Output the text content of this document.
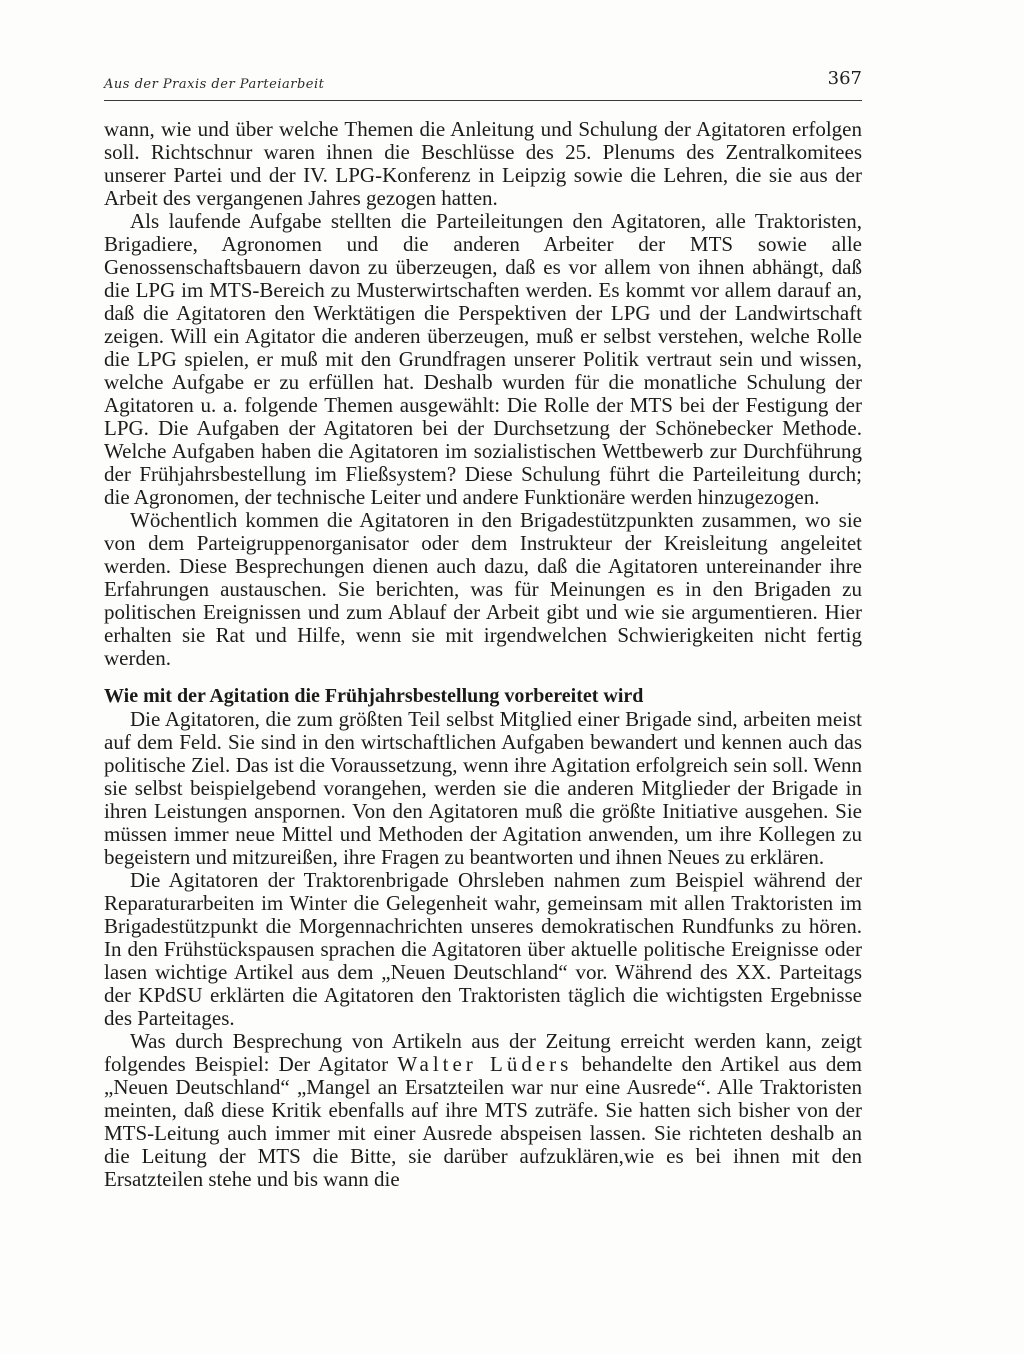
Aus der Praxis der Parteiarbeit	367

wann, wie und über welche Themen die Anleitung und Schulung der Agitatoren erfolgen soll. Richtschnur waren ihnen die Beschlüsse des 25. Plenums des Zentralkomitees unserer Partei und der IV. LPG-Konferenz in Leipzig sowie die Lehren, die sie aus der Arbeit des vergangenen Jahres gezogen hatten.

Als laufende Aufgabe stellten die Parteileitungen den Agitatoren, alle Traktoristen, Brigadiere, Agronomen und die anderen Arbeiter der MTS sowie alle Genossenschaftsbauern davon zu überzeugen, daß es vor allem von ihnen abhängt, daß die LPG im MTS-Bereich zu Musterwirtschaften werden. Es kommt vor allem darauf an, daß die Agitatoren den Werktätigen die Perspektiven der LPG und der Landwirtschaft zeigen. Will ein Agitator die anderen überzeugen, muß er selbst verstehen, welche Rolle die LPG spielen, er muß mit den Grundfragen unserer Politik vertraut sein und wissen, welche Aufgabe er zu erfüllen hat. Deshalb wurden für die monatliche Schulung der Agitatoren u. a. folgende Themen ausgewählt: Die Rolle der MTS bei der Festigung der LPG. Die Aufgaben der Agitatoren bei der Durchsetzung der Schönebecker Methode. Welche Aufgaben haben die Agitatoren im sozialistischen Wettbewerb zur Durchführung der Frühjahrsbestellung im Fließsystem? Diese Schulung führt die Parteileitung durch; die Agronomen, der technische Leiter und andere Funktionäre werden hinzugezogen.

Wöchentlich kommen die Agitatoren in den Brigadestützpunkten zusammen, wo sie von dem Parteigruppenorganisator oder dem Instrukteur der Kreisleitung angeleitet werden. Diese Besprechungen dienen auch dazu, daß die Agitatoren untereinander ihre Erfahrungen austauschen. Sie berichten, was für Meinungen es in den Brigaden zu politischen Ereignissen und zum Ablauf der Arbeit gibt und wie sie argumentieren. Hier erhalten sie Rat und Hilfe, wenn sie mit irgendwelchen Schwierigkeiten nicht fertig werden.

Wie mit der Agitation die Frühjahrsbestellung vorbereitet wird

Die Agitatoren, die zum größten Teil selbst Mitglied einer Brigade sind, arbeiten meist auf dem Feld. Sie sind in den wirtschaftlichen Aufgaben bewandert und kennen auch das politische Ziel. Das ist die Voraussetzung, wenn ihre Agitation erfolgreich sein soll. Wenn sie selbst beispielgebend vorangehen, werden sie die anderen Mitglieder der Brigade in ihren Leistungen anspornen. Von den Agitatoren muß die größte Initiative ausgehen. Sie müssen immer neue Mittel und Methoden der Agitation anwenden, um ihre Kollegen zu begeistern und mitzureißen, ihre Fragen zu beantworten und ihnen Neues zu erklären.

Die Agitatoren der Traktorenbrigade Ohrsleben nahmen zum Beispiel während der Reparaturarbeiten im Winter die Gelegenheit wahr, gemeinsam mit allen Traktoristen im Brigadestützpunkt die Morgennachrichten unseres demokratischen Rundfunks zu hören. In den Frühstückspausen sprachen die Agitatoren über aktuelle politische Ereignisse oder lasen wichtige Artikel aus dem „Neuen Deutschland“ vor. Während des XX. Parteitags der KPdSU erklärten die Agitatoren den Traktoristen täglich die wichtigsten Ergebnisse des Parteitages.

Was durch Besprechung von Artikeln aus der Zeitung erreicht werden kann, zeigt folgendes Beispiel: Der Agitator Walter Lüders behandelte den Artikel aus dem „Neuen Deutschland“ „Mangel an Ersatzteilen war nur eine Ausrede“. Alle Traktoristen meinten, daß diese Kritik ebenfalls auf ihre MTS zuträfe. Sie hatten sich bisher von der MTS-Leitung auch immer mit einer Ausrede abspeisen lassen. Sie richteten deshalb an die Leitung der MTS die Bitte, sie darüber aufzuklären,wie es bei ihnen mit den Ersatzteilen stehe und bis wann die
